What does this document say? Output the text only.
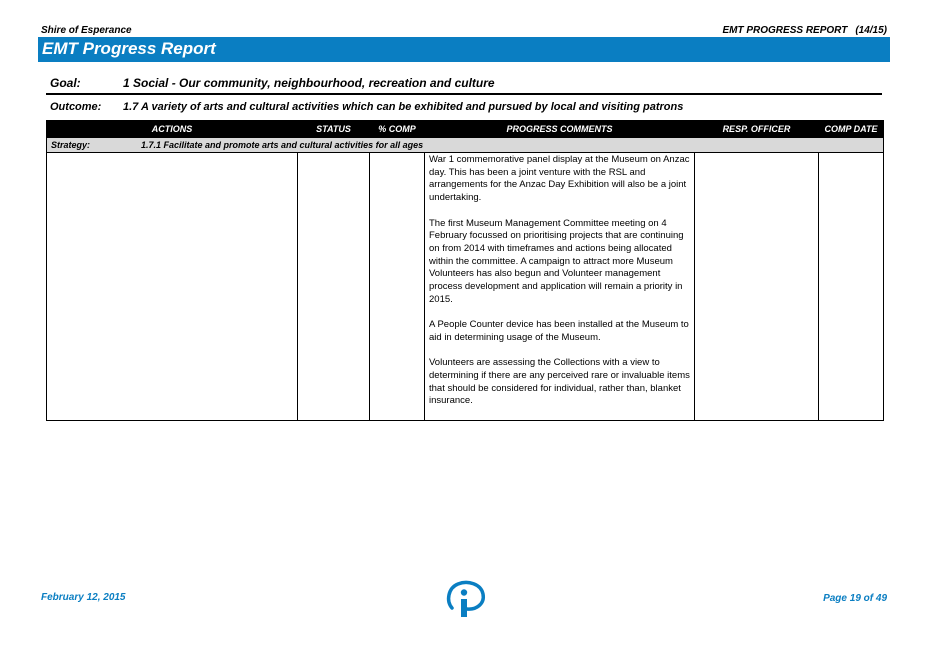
Shire of Esperance	EMT PROGRESS REPORT (14/15)
EMT Progress Report
Goal:	1 Social - Our community, neighbourhood, recreation and culture
Outcome: 1.7 A variety of arts and cultural activities which can be exhibited and pursued by local and visiting patrons
ACTIONS	STATUS	% COMP	PROGRESS COMMENTS	RESP. OFFICER	COMP DATE
Strategy: 1.7.1 Facilitate and promote arts and cultural activities for all ages					

			War 1 commemorative panel display at the Museum on Anzac day. This has been a joint venture with the RSL and arrangements for the Anzac Day Exhibition will also be a joint undertaking.

The first Museum Management Committee meeting on 4 February focussed on prioritising projects that are continuing on from 2014 with timeframes and actions being allocated within the committee. A campaign to attract more Museum Volunteers has also begun and Volunteer management process development and application will remain a priority in 2015.

A People Counter device has been installed at the Museum to aid in determining usage of the Museum.

Volunteers are assessing the Collections with a view to determining if there are any perceived rare or invaluable items that should be considered for individual, rather than, blanket insurance.		

February 12, 2015	Page 19 of 49
